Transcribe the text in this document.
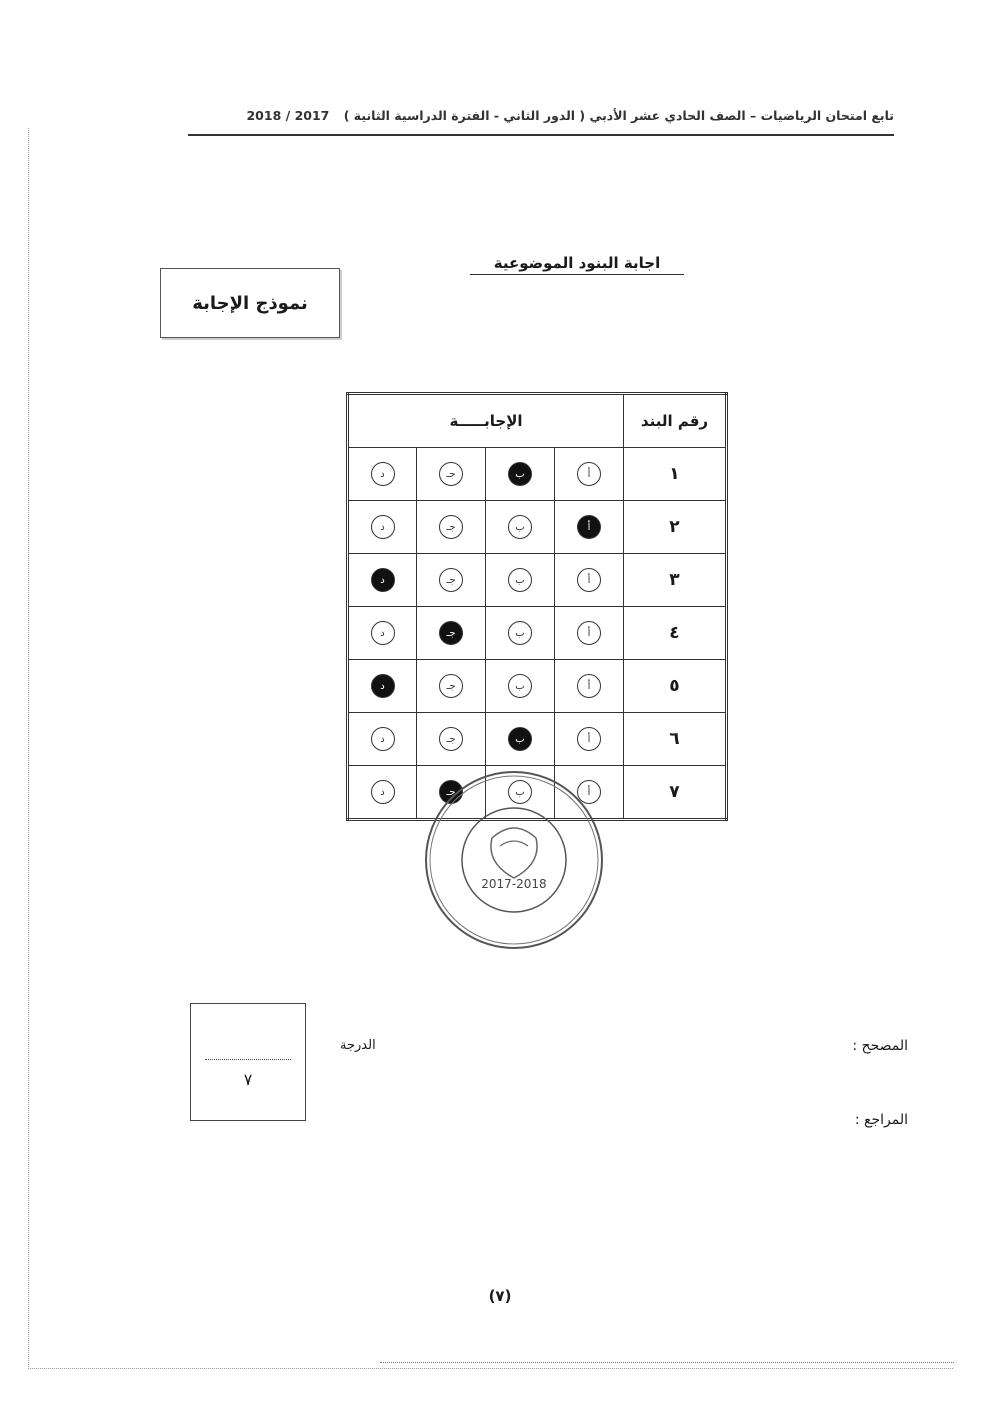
تابع امتحان الرياضيات – الصف الحادي عشر الأدبي ( الدور الثاني - الفترة الدراسية الثانية ) 2017 / 2018
اجابة البنود الموضوعية
نموذج الإجابة
الإجابـــــة				رقم البند
د	جـ	ب	أ	١
د	جـ	ب	أ	٢
د	جـ	ب	أ	٣
د	جـ	ب	أ	٤
د	جـ	ب	أ	٥
د	جـ	ب	أ	٦
د	جـ	ب	أ	٧
2017-2018
٧
الدرجة	المصحح :
المراجع :
(٧)
